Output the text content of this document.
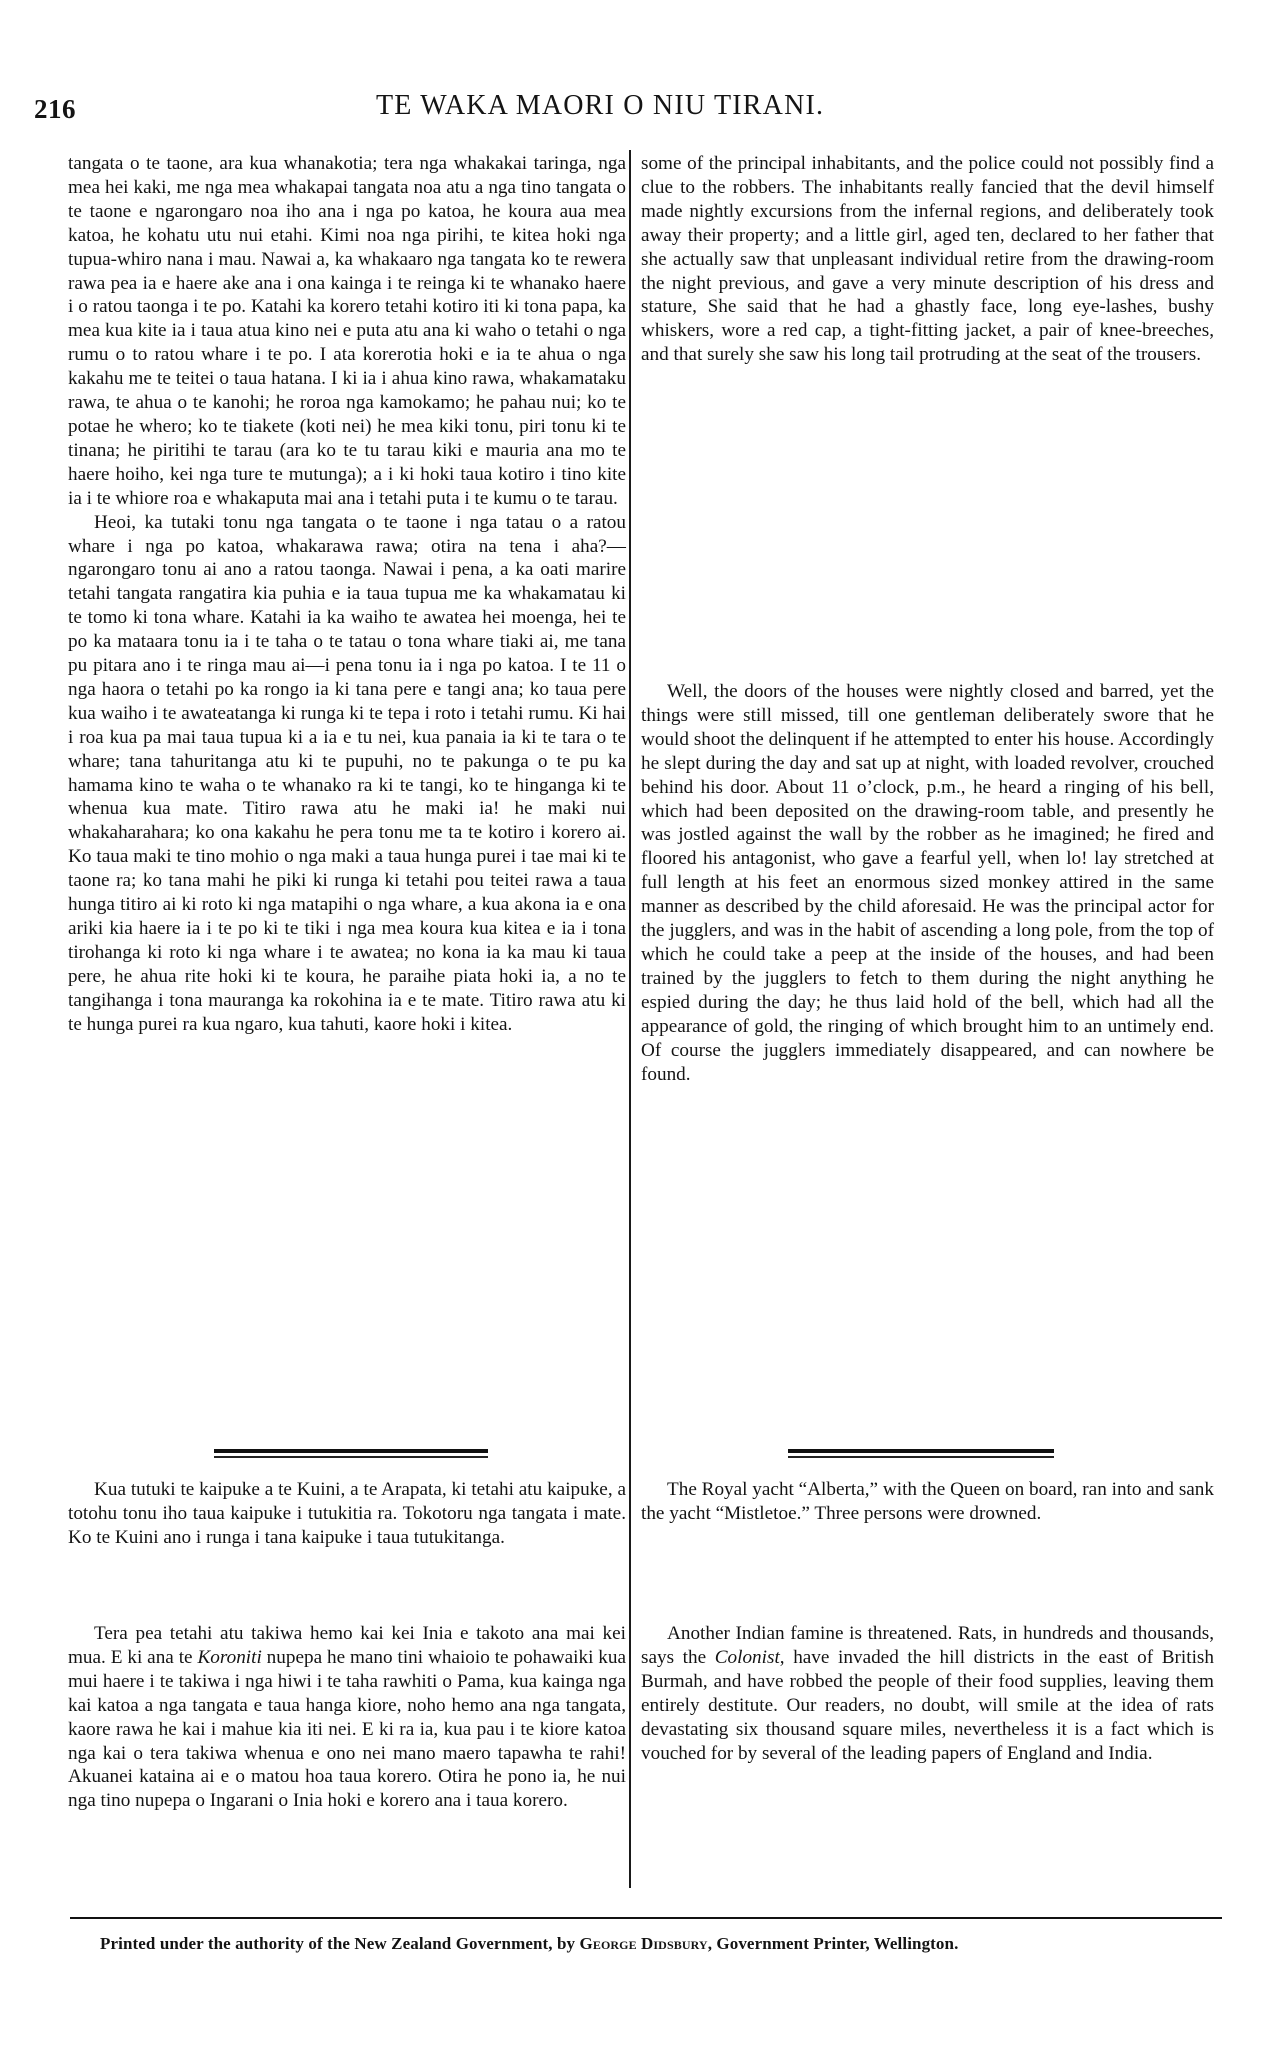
216	TE WAKA MAORI O NIU TIRANI.

tangata o te taone, ara kua whanakotia; tera nga whakakai taringa, nga mea hei kaki, me nga mea whakapai tangata noa atu a nga tino tangata o te taone e ngarongaro noa iho ana i nga po katoa, he koura aua mea katoa, he kohatu utu nui etahi. Kimi noa nga pirihi, te kitea hoki nga tupua-whiro nana i mau. Nawai a, ka whakaaro nga tangata ko te rewera rawa pea ia e haere ake ana i ona kainga i te reinga ki te whanako haere i o ratou taonga i te po. Katahi ka korero tetahi kotiro iti ki tona papa, ka mea kua kite ia i taua atua kino nei e puta atu ana ki waho o tetahi o nga rumu o to ratou whare i te po. I ata korerotia hoki e ia te ahua o nga kakahu me te teitei o taua hatana. I ki ia i ahua kino rawa, whakamataku rawa, te ahua o te kanohi; he roroa nga kamokamo; he pahau nui; ko te potae he whero; ko te tiakete (koti nei) he mea kiki tonu, piri tonu ki te tinana; he piritihi te tarau (ara ko te tu tarau kiki e mauria ana mo te haere hoiho, kei nga ture te mutunga); a i ki hoki taua kotiro i tino kite ia i te whiore roa e whakaputa mai ana i tetahi puta i te kumu o te tarau.

Heoi, ka tutaki tonu nga tangata o te taone i nga tatau o a ratou whare i nga po katoa, whakarawa rawa; otira na tena i aha?—ngarongaro tonu ai ano a ratou taonga. Nawai i pena, a ka oati marire tetahi tangata rangatira kia puhia e ia taua tupua me ka whakamatau ki te tomo ki tona whare. Katahi ia ka waiho te awatea hei moenga, hei te po ka mataara tonu ia i te taha o te tatau o tona whare tiaki ai, me tana pu pitara ano i te ringa mau ai—i pena tonu ia i nga po katoa. I te 11 o nga haora o tetahi po ka rongo ia ki tana pere e tangi ana; ko taua pere kua waiho i te awateatanga ki runga ki te tepa i roto i tetahi rumu. Ki hai i roa kua pa mai taua tupua ki a ia e tu nei, kua panaia ia ki te tara o te whare; tana tahuritanga atu ki te pupuhi, no te pakunga o te pu ka hamama kino te waha o te whanako ra ki te tangi, ko te hinganga ki te whenua kua mate. Titiro rawa atu he maki ia! he maki nui whakaharahara; ko ona kakahu he pera tonu me ta te kotiro i korero ai. Ko taua maki te tino mohio o nga maki a taua hunga purei i tae mai ki te taone ra; ko tana mahi he piki ki runga ki tetahi pou teitei rawa a taua hunga titiro ai ki roto ki nga matapihi o nga whare, a kua akona ia e ona ariki kia haere ia i te po ki te tiki i nga mea koura kua kitea e ia i tona tirohanga ki roto ki nga whare i te awatea; no kona ia ka mau ki taua pere, he ahua rite hoki ki te koura, he paraihe piata hoki ia, a no te tangihanga i tona mauranga ka rokohina ia e te mate. Titiro rawa atu ki te hunga purei ra kua ngaro, kua tahuti, kaore hoki i kitea.

some of the principal inhabitants, and the police could not possibly find a clue to the robbers. The inhabitants really fancied that the devil himself made nightly excursions from the infernal regions, and deliberately took away their property; and a little girl, aged ten, declared to her father that she actually saw that unpleasant individual retire from the drawing-room the night previous, and gave a very minute description of his dress and stature, She said that he had a ghastly face, long eye-lashes, bushy whiskers, wore a red cap, a tight-fitting jacket, a pair of knee-breeches, and that surely she saw his long tail protruding at the seat of the trousers.

Well, the doors of the houses were nightly closed and barred, yet the things were still missed, till one gentleman deliberately swore that he would shoot the delinquent if he attempted to enter his house. Accordingly he slept during the day and sat up at night, with loaded revolver, crouched behind his door. About 11 o’clock, p.m., he heard a ringing of his bell, which had been deposited on the drawing-room table, and presently he was jostled against the wall by the robber as he imagined; he fired and floored his antagonist, who gave a fearful yell, when lo! lay stretched at full length at his feet an enormous sized monkey attired in the same manner as described by the child aforesaid. He was the principal actor for the jugglers, and was in the habit of ascending a long pole, from the top of which he could take a peep at the inside of the houses, and had been trained by the jugglers to fetch to them during the night anything he espied during the day; he thus laid hold of the bell, which had all the appearance of gold, the ringing of which brought him to an untimely end. Of course the jugglers immediately disappeared, and can nowhere be found.

Kua tutuki te kaipuke a te Kuini, a te Arapata, ki tetahi atu kaipuke, a totohu tonu iho taua kaipuke i tutukitia ra. Tokotoru nga tangata i mate. Ko te Kuini ano i runga i tana kaipuke i taua tutukitanga.

Tera pea tetahi atu takiwa hemo kai kei Inia e takoto ana mai kei mua. E ki ana te Koroniti nupepa he mano tini whaioio te pohawaiki kua mui haere i te takiwa i nga hiwi i te taha rawhiti o Pama, kua kainga nga kai katoa a nga tangata e taua hanga kiore, noho hemo ana nga tangata, kaore rawa he kai i mahue kia iti nei. E ki ra ia, kua pau i te kiore katoa nga kai o tera takiwa whenua e ono nei mano maero tapawha te rahi! Akuanei kataina ai e o matou hoa taua korero. Otira he pono ia, he nui nga tino nupepa o Ingarani o Inia hoki e korero ana i taua korero.

The Royal yacht “Alberta,” with the Queen on board, ran into and sank the yacht “Mistletoe.” Three persons were drowned.

Another Indian famine is threatened. Rats, in hundreds and thousands, says the Colonist, have invaded the hill districts in the east of British Burmah, and have robbed the people of their food supplies, leaving them entirely destitute. Our readers, no doubt, will smile at the idea of rats devastating six thousand square miles, nevertheless it is a fact which is vouched for by several of the leading papers of England and India.

Printed under the authority of the New Zealand Government, by George Didsbury, Government Printer, Wellington.
